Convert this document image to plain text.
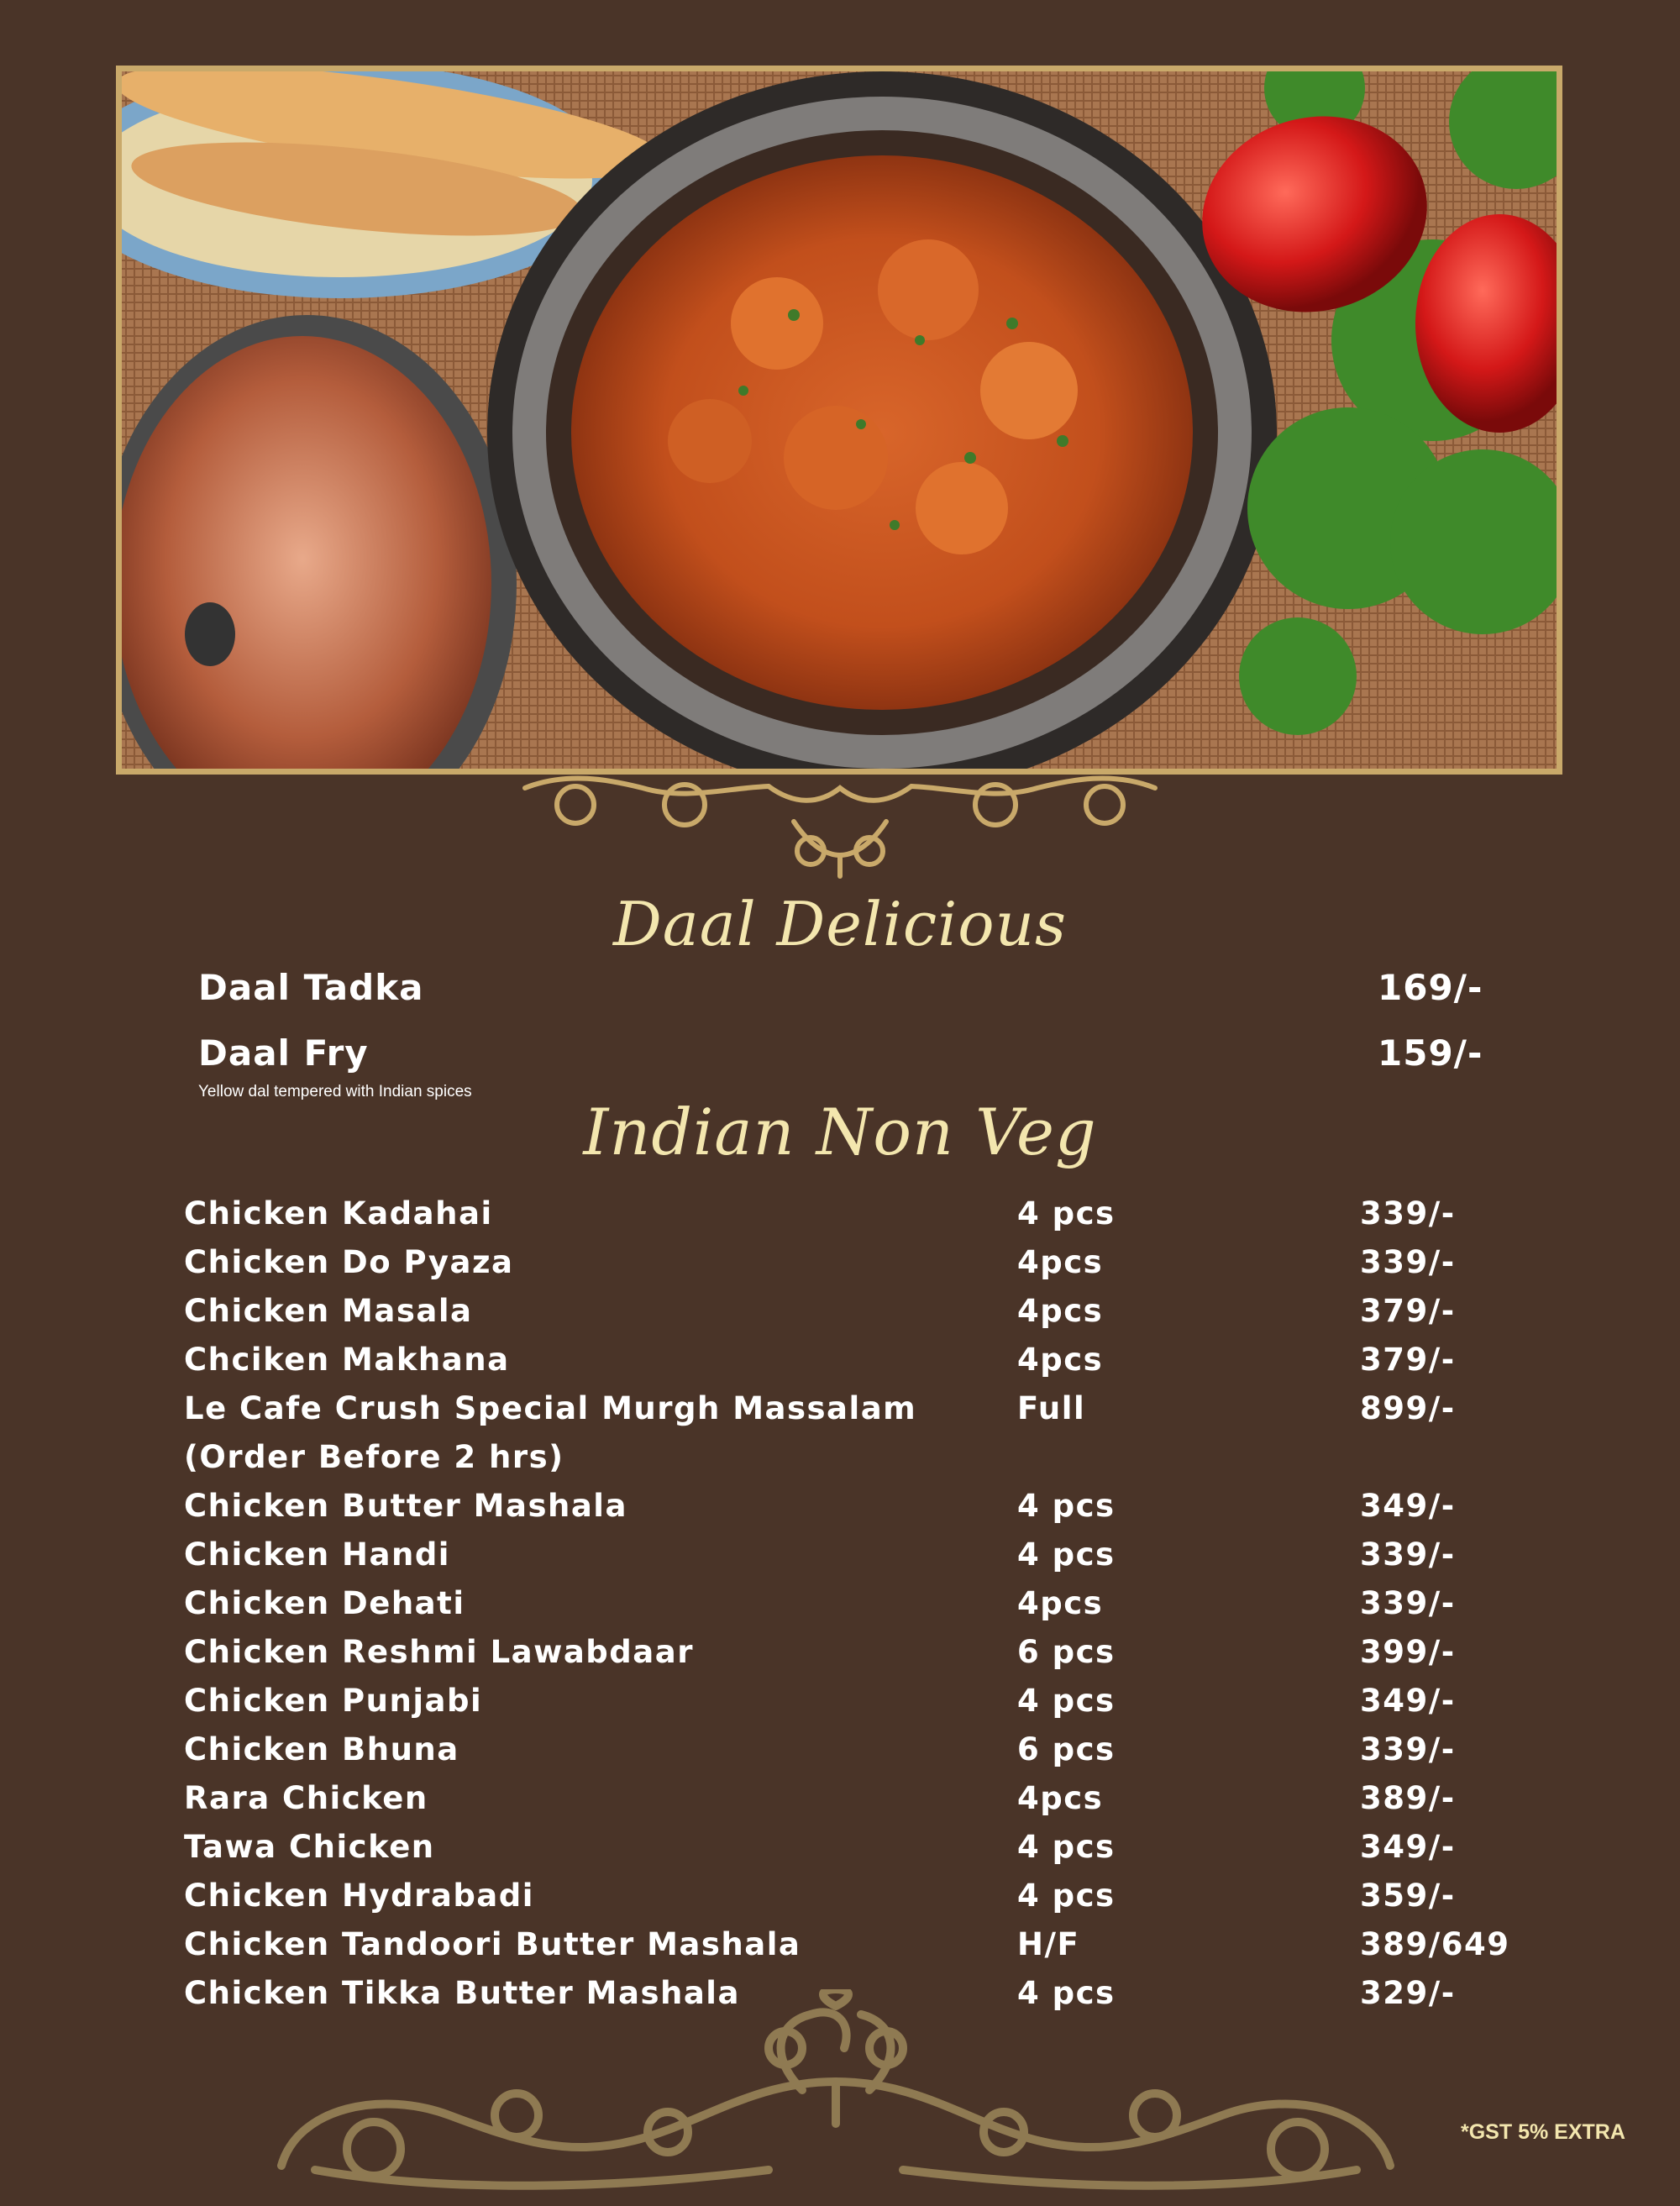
Daal Delicious
Daal Tadka	169/-
Daal Fry	159/-
Yellow dal tempered with Indian spices
Indian Non Veg
Chicken Kadahai	4 pcs	339/-
Chicken Do Pyaza	4pcs	339/-
Chicken Masala	4pcs	379/-
Chciken Makhana	4pcs	379/-
Le Cafe Crush Special Murgh Massalam	Full	899/-
(Order Before 2 hrs)
Chicken Butter Mashala	4 pcs	349/-
Chicken Handi	4 pcs	339/-
Chicken Dehati	4pcs	339/-
Chicken Reshmi Lawabdaar	6 pcs	399/-
Chicken Punjabi	4 pcs	349/-
Chicken Bhuna	6 pcs	339/-
Rara Chicken	4pcs	389/-
Tawa Chicken	4 pcs	349/-
Chicken Hydrabadi	4 pcs	359/-
Chicken Tandoori Butter Mashala	H/F	389/649
Chicken Tikka Butter Mashala	4 pcs	329/-
*GST 5% EXTRA
